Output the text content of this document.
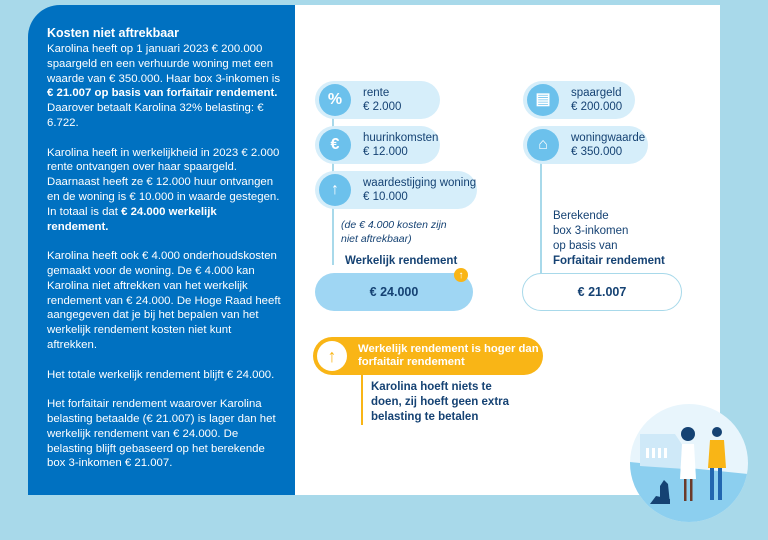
Kosten niet aftrekbaar

Karolina heeft op 1 januari 2023 € 200.000 spaargeld en een verhuurde woning met een waarde van € 350.000. Haar box 3-inkomen is € 21.007 op basis van forfaitair rendement. Daarover betaalt Karolina 32% belasting: € 6.722.

Karolina heeft in werkelijkheid in 2023 € 2.000 rente ontvangen over haar spaargeld. Daarnaast heeft ze € 12.000 huur ontvangen en de woning is € 10.000 in waarde gestegen. In totaal is dat € 24.000 werkelijk rendement.

Karolina heeft ook € 4.000 onderhoudskosten gemaakt voor de woning. De € 4.000 kan Karolina niet aftrekken van het werkelijk rendement van € 24.000. De Hoge Raad heeft aangegeven dat je bij het bepalen van het werkelijk rendement kosten niet kunt aftrekken.

Het totale werkelijk rendement blijft € 24.000.

Het forfaitair rendement waarover Karolina belasting betaalde (€ 21.007) is lager dan het werkelijk rendement van € 24.000. De belasting blijft gebaseerd op het berekende box 3-inkomen € 21.007.

%	rente
€ 2.000
€	huurinkomsten
€ 12.000
↑	waardestijging woning
€ 10.000
(de € 4.000 kosten zijn niet aftrekbaar)
Werkelijk rendement
€ 24.000
↑
▤	spaargeld
€ 200.000
⌂	woningwaarde
€ 350.000
Berekende
box 3-inkomen
op basis van
Forfaitair rendement
€ 21.007
↑	Werkelijk rendement is hoger dan forfaitair rendement
Karolina hoeft niets te doen, zij hoeft geen extra belasting te betalen
